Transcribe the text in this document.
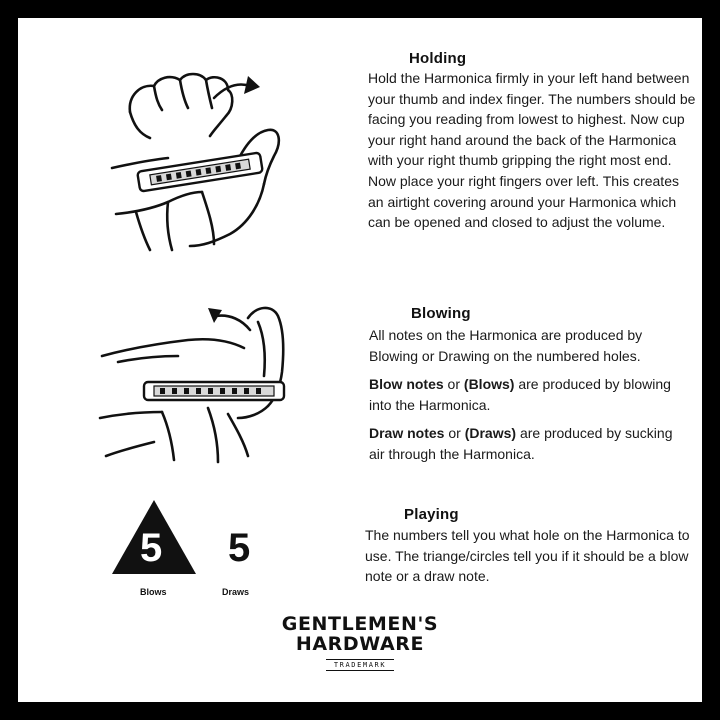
Holding

Hold the Harmonica firmly in your left hand between your thumb and index finger. The numbers should be facing you reading from lowest to highest. Now cup your right hand around the back of the Harmonica with your right thumb gripping the right most end. Now place your right fingers over left. This creates an airtight covering around your Harmonica which can be opened and closed to adjust the volume.

Blowing

All notes on the Harmonica are produced by Blowing or Drawing on the numbered holes.

Blow notes or (Blows) are produced by blowing into the Harmonica.

Draw notes or (Draws) are produced by sucking air through the Harmonica.

5 5
Blows	Draws
Playing

The numbers tell you what hole on the Harmonica to use. The triange/circles tell you if it should be a blow note or a draw note.

GENTLEMEN'S
HARDWARE
TRADEMARK
